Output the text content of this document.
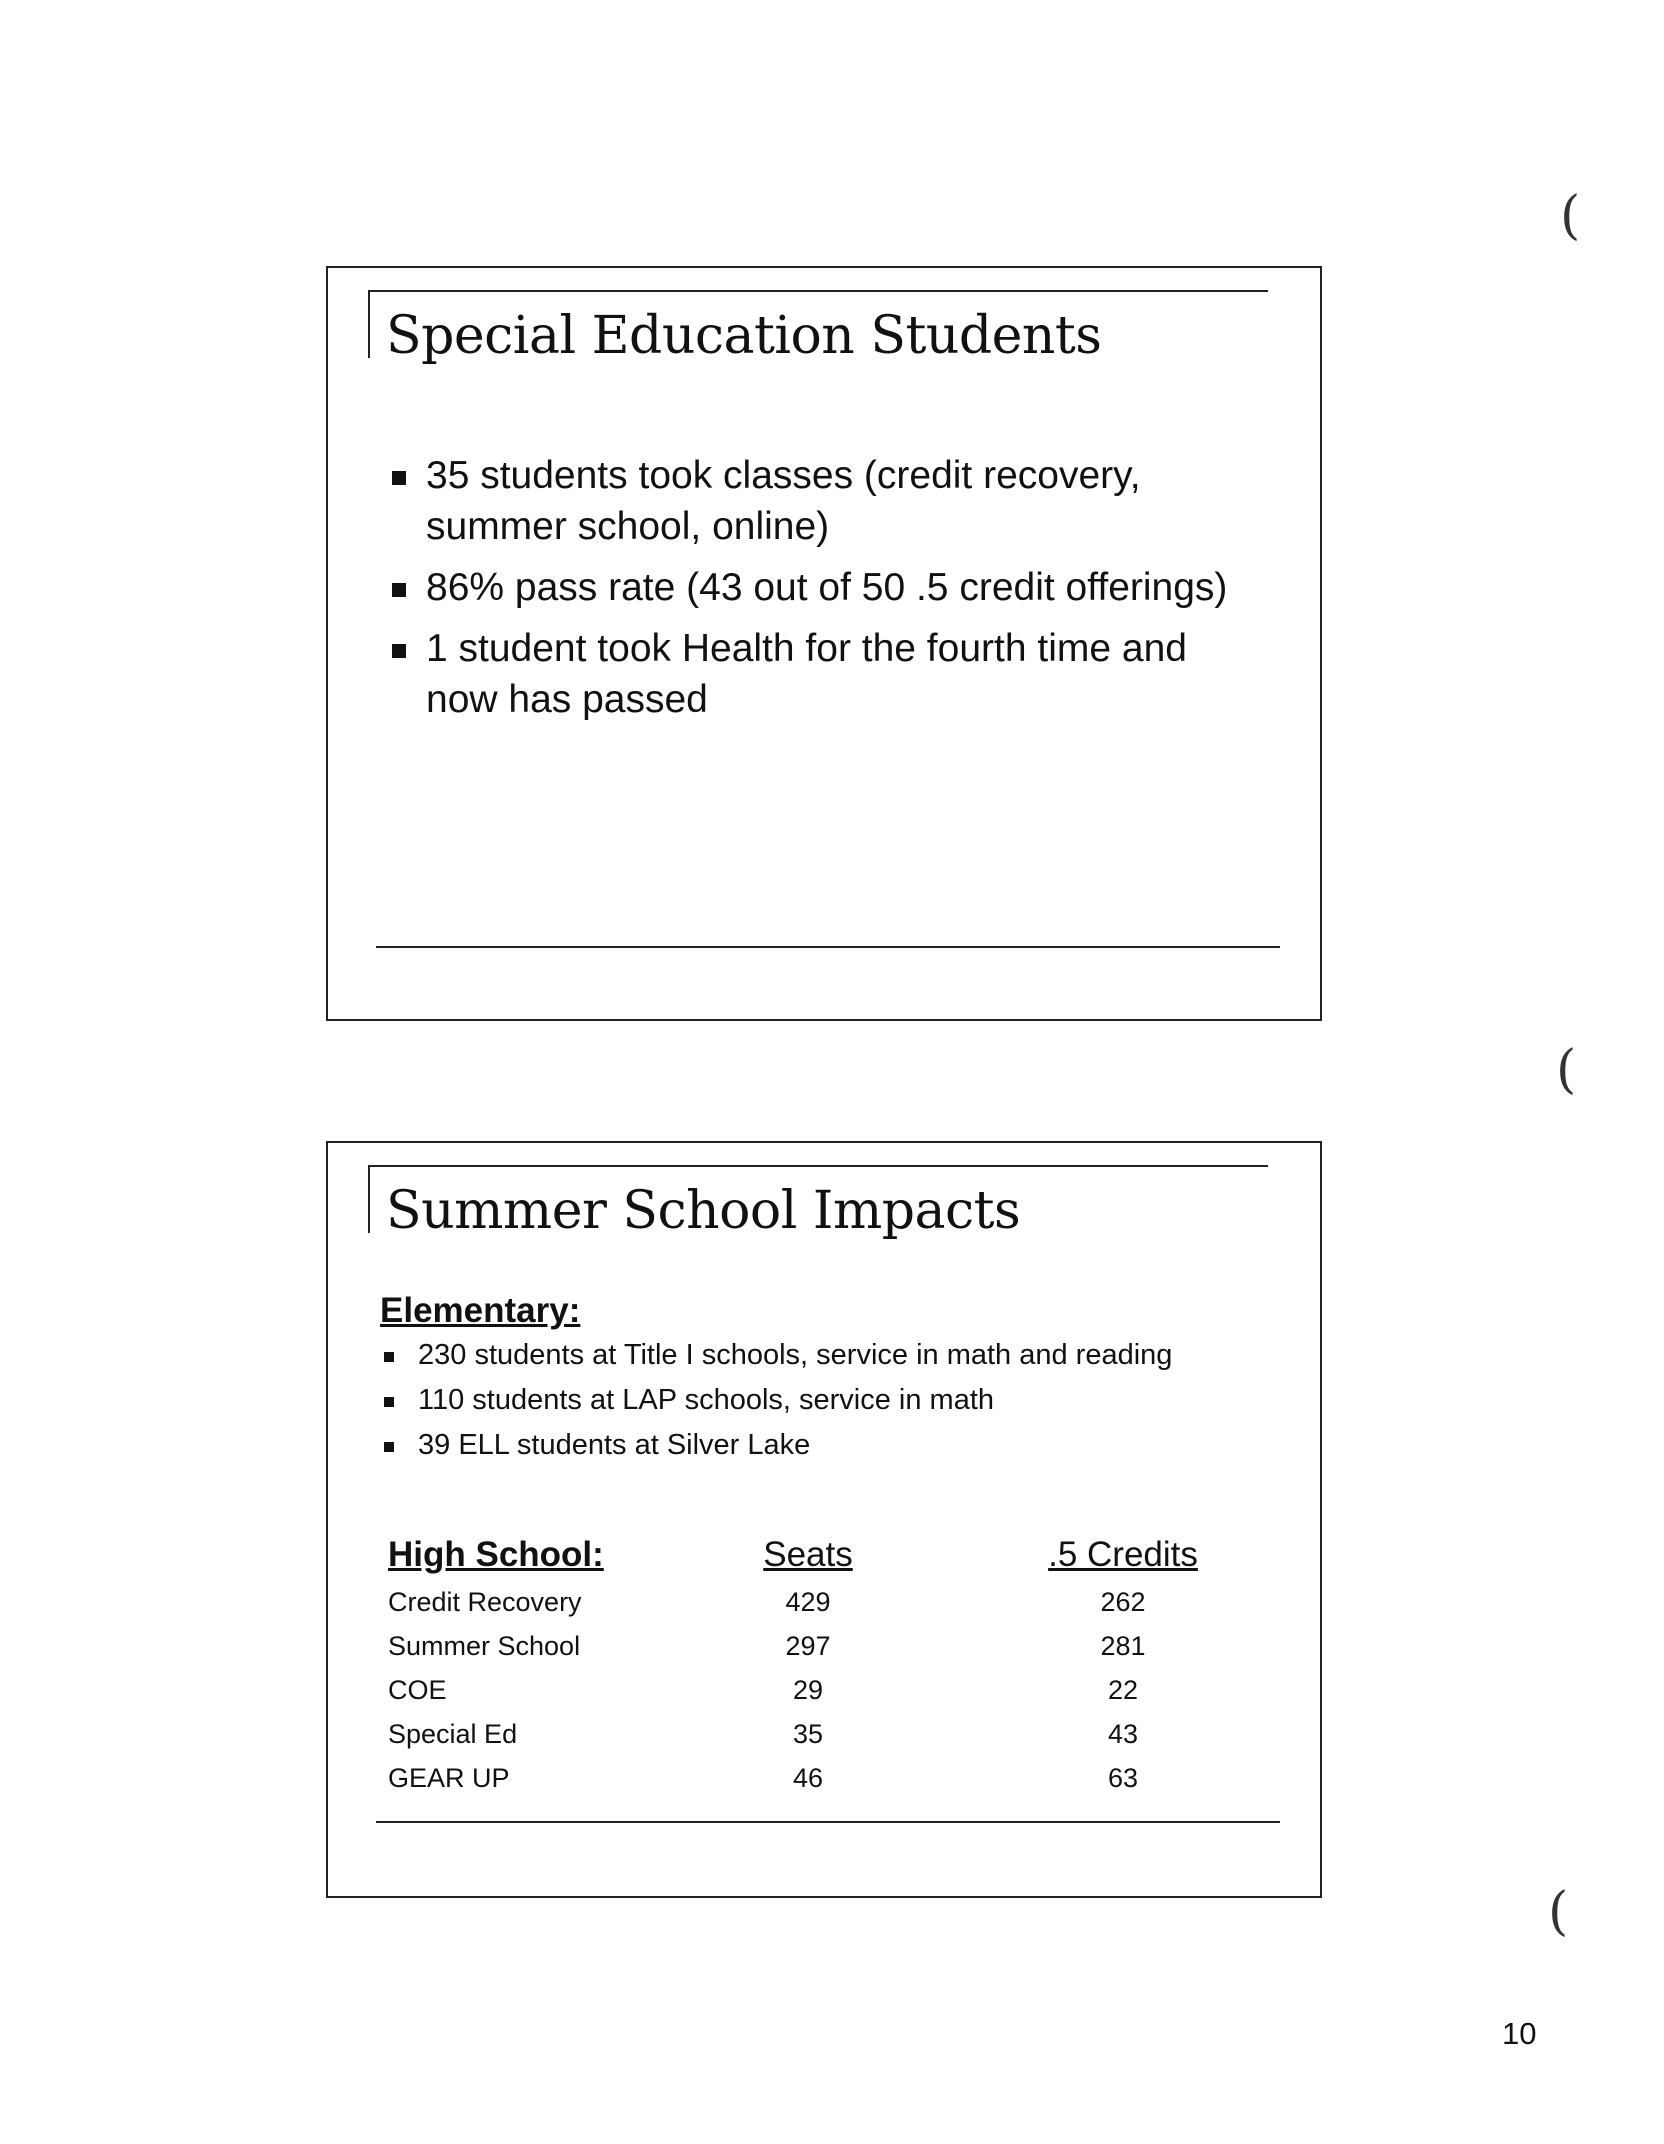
Special Education Students
35 students took classes (credit recovery, summer school, online)
86% pass rate (43 out of 50 .5 credit offerings)
1 student took Health for the fourth time and now has passed
Summer School Impacts
Elementary:
230 students at Title I schools, service in math and reading
110 students at LAP schools, service in math
39 ELL students at Silver Lake
High School:	Seats	.5 Credits
Credit Recovery	429	262
Summer School	297	281
COE	29	22
Special Ed	35	43
GEAR UP	46	63
(
(
(
10
